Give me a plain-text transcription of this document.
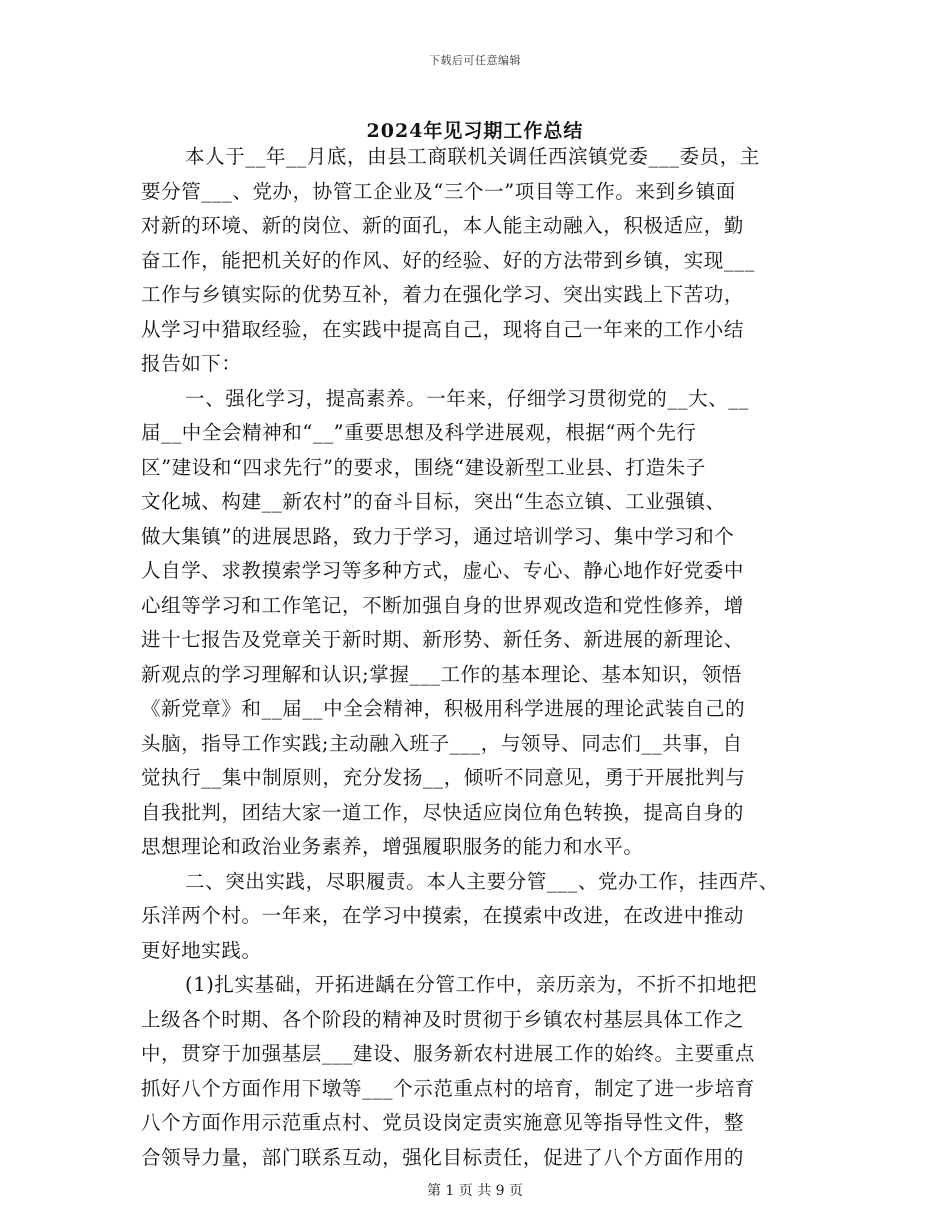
下载后可任意编辑
2024年见习期工作总结
本人于__年__月底，由县工商联机关调任西滨镇党委___委员，主
要分管___、党办，协管工企业及“三个一”项目等工作。来到乡镇面
对新的环境、新的岗位、新的面孔，本人能主动融入，积极适应，勤
奋工作，能把机关好的作风、好的经验、好的方法带到乡镇，实现___
工作与乡镇实际的优势互补，着力在强化学习、突出实践上下苦功，
从学习中猎取经验，在实践中提高自己，现将自己一年来的工作小结
报告如下：
一、强化学习，提高素养。一年来，仔细学习贯彻党的__大、__
届__中全会精神和“__”重要思想及科学进展观，根据“两个先行
区”建设和“四求先行”的要求，围绕“建设新型工业县、打造朱子
文化城、构建__新农村”的奋斗目标，突出“生态立镇、工业强镇、
做大集镇”的进展思路，致力于学习，通过培训学习、集中学习和个
人自学、求教摸索学习等多种方式，虚心、专心、静心地作好党委中
心组等学习和工作笔记，不断加强自身的世界观改造和党性修养，增
进十七报告及党章关于新时期、新形势、新任务、新进展的新理论、
新观点的学习理解和认识;掌握___工作的基本理论、基本知识，领悟
《新党章》和__届__中全会精神，积极用科学进展的理论武装自己的
头脑，指导工作实践;主动融入班子___，与领导、同志们__共事，自
觉执行__集中制原则，充分发扬__，倾听不同意见，勇于开展批判与
自我批判，团结大家一道工作，尽快适应岗位角色转换，提高自身的
思想理论和政治业务素养，增强履职服务的能力和水平。
二、突出实践，尽职履责。本人主要分管___、党办工作，挂西芹、
乐洋两个村。一年来，在学习中摸索，在摸索中改进，在改进中推动
更好地实践。
(1)扎实基础，开拓进龋在分管工作中，亲历亲为，不折不扣地把
上级各个时期、各个阶段的精神及时贯彻于乡镇农村基层具体工作之
中，贯穿于加强基层___建设、服务新农村进展工作的始终。主要重点
抓好八个方面作用下墩等___个示范重点村的培育，制定了进一步培育
八个方面作用示范重点村、党员设岗定责实施意见等指导性文件，整
合领导力量，部门联系互动，强化目标责任，促进了八个方面作用的
第 1 页 共 9 页
